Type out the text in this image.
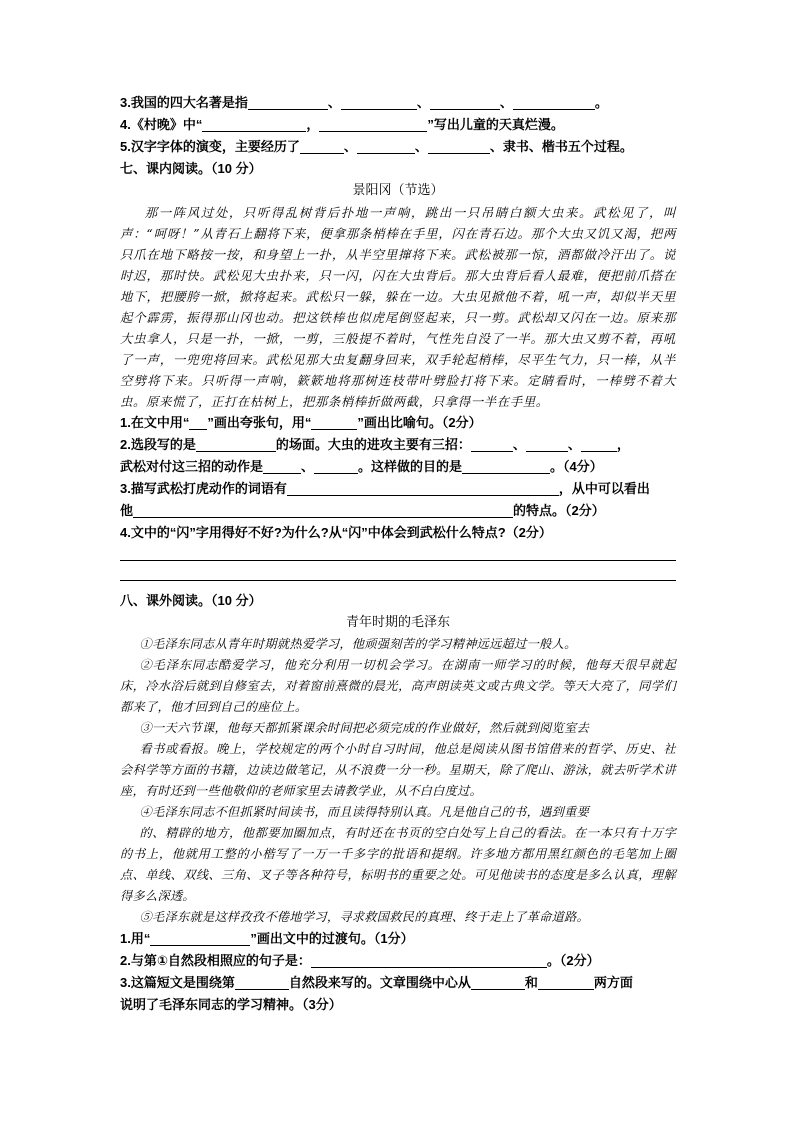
3.我国的四大名著是指	、	、	、	。
4.《村晚》中“	，	”写出儿童的天真烂漫。
5.汉字字体的演变，主要经历了	、	、	、隶书、楷书五个过程。
七、课内阅读。（10 分）
景阳冈（节选）

那一阵风过处，只听得乱树背后扑地一声响，跳出一只吊睛白额大虫来。武松见了，叫声：“呵呀！”从青石上翻将下来，便拿那条梢棒在手里，闪在青石边。那个大虫又饥又渴，把两只爪在地下略按一按，和身望上一扑，从半空里撺将下来。武松被那一惊，酒都做冷汗出了。说时迟，那时快。武松见大虫扑来，只一闪，闪在大虫背后。那大虫背后看人最难，便把前爪搭在地下，把腰胯一掀，掀将起来。武松只一躲，躲在一边。大虫见掀他不着，吼一声，却似半天里起个霹雳，振得那山冈也动。把这铁棒也似虎尾倒竖起来，只一剪。武松却又闪在一边。原来那大虫拿人，只是一扑，一掀，一剪，三般提不着时，气性先自没了一半。那大虫又剪不着，再吼了一声，一兜兜将回来。武松见那大虫复翻身回来，双手轮起梢棒，尽平生气力，只一棒，从半空劈将下来。只听得一声响，簌簌地将那树连枝带叶劈脸打将下来。定睛看时，一棒劈不着大虫。原来慌了，正打在枯树上，把那条梢棒折做两截，只拿得一半在手里。

1.在文中用“ ”画出夸张句，用“	”画出比喻句。（2分）
2.选段写的是	的场面。大虫的进攻主要有三招：	、	、	，
武松对付这三招的动作是	、	。这样做的目的是	。（4分）
3.描写武松打虎动作的词语有	，从中可以看出
他	的特点。（2分）
4.文中的“闪”字用得好不好?为什么?从“闪”中体会到武松什么特点?（2分）
八、课外阅读。（10 分）
青年时期的毛泽东

①毛泽东同志从青年时期就热爱学习，他顽强刻苦的学习精神远远超过一般人。

②毛泽东同志酷爱学习，他充分利用一切机会学习。在湖南一师学习的时候，他每天很早就起床，冷水浴后就到自修室去，对着窗前熹微的晨光，高声朗读英文或古典文学。等天大亮了，同学们都来了，他才回到自己的座位上。

③一天六节课，他每天都抓紧课余时间把必须完成的作业做好，然后就到阅览室去

看书或看报。晚上，学校规定的两个小时自习时间，他总是阅读从图书馆借来的哲学、历史、社会科学等方面的书籍，边读边做笔记，从不浪费一分一秒。星期天，除了爬山、游泳，就去听学术讲座，有时还到一些他敬仰的老师家里去请教学业，从不白白度过。

④毛泽东同志不但抓紧时间读书，而且读得特别认真。凡是他自己的书，遇到重要

的、精辟的地方，他都要加圈加点，有时还在书页的空白处写上自己的看法。在一本只有十万字的书上，他就用工整的小楷写了一万一千多字的批语和提纲。许多地方都用黑红颜色的毛笔加上圈点、单线、双线、三角、叉子等各种符号，标明书的重要之处。可见他读书的态度是多么认真，理解得多么深透。

⑤毛泽东就是这样孜孜不倦地学习，寻求救国救民的真理、终于走上了革命道路。

1.用“	”画出文中的过渡句。（1分）
2.与第①自然段相照应的句子是：	。（2分）
3.这篇短文是围绕第	自然段来写的。文章围绕中心从	和	两方面
说明了毛泽东同志的学习精神。（3分）
